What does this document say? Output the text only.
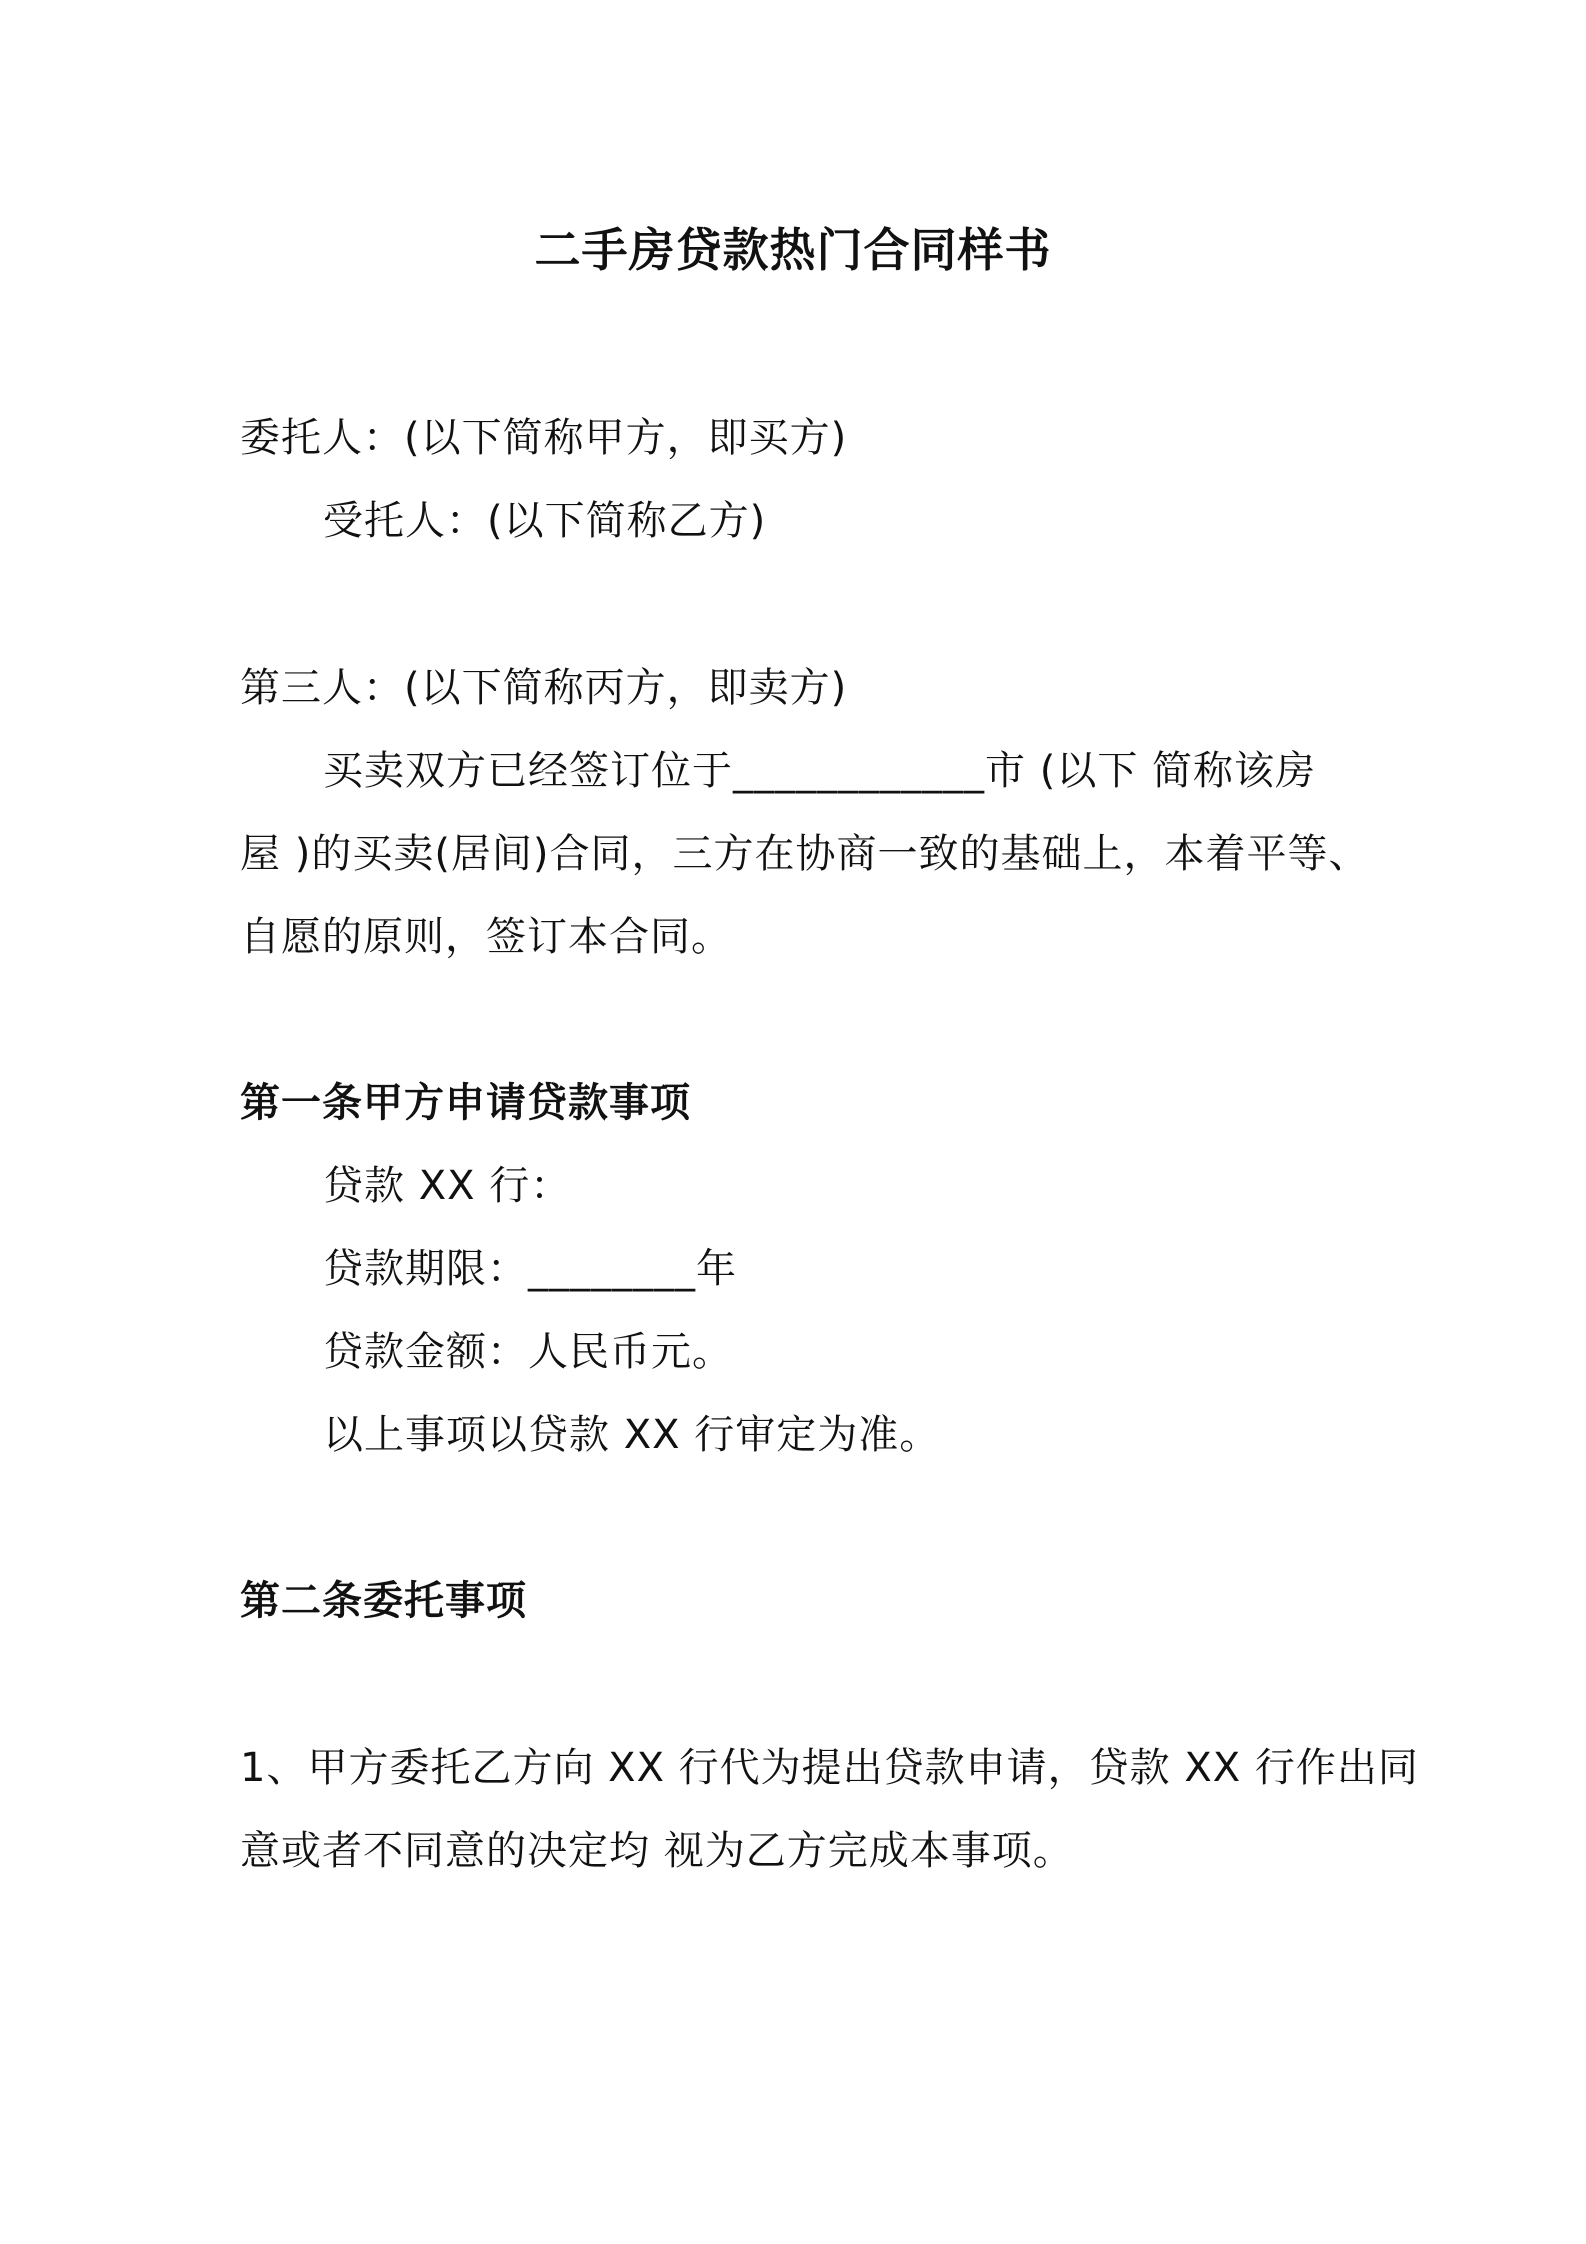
二手房贷款热门合同样书
委托人：(以下简称甲方，即买方)
受托人：(以下简称乙方)
第三人：(以下简称丙方，即卖方)
买卖双方已经签订位于____________市 (以下 简称该房
屋 )的买卖(居间)合同，三方在协商一致的基础上，本着平等、
自愿的原则，签订本合同。
第一条甲方申请贷款事项
贷款 XX 行：
贷款期限：________年
贷款金额：人民币元。
以上事项以贷款 XX 行审定为准。
第二条委托事项
1、甲方委托乙方向 XX 行代为提出贷款申请，贷款 XX 行作出同
意或者不同意的决定均 视为乙方完成本事项。
